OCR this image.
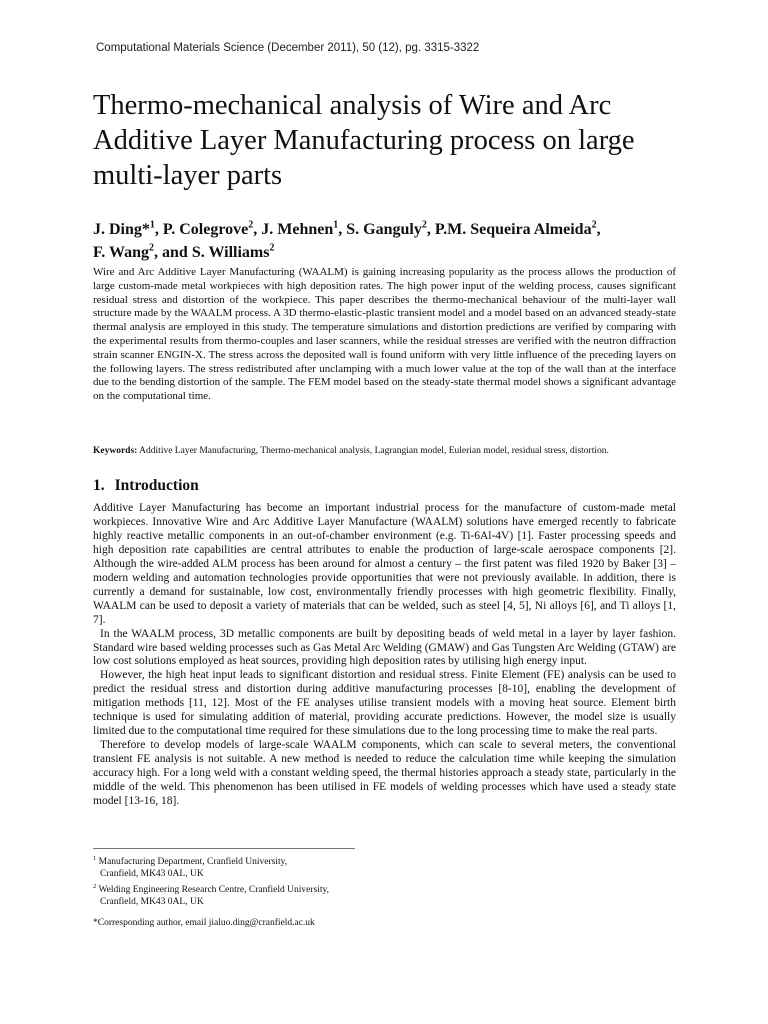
Computational Materials Science (December 2011), 50 (12), pg. 3315-3322
Thermo-mechanical analysis of Wire and Arc Additive Layer Manufacturing process on large multi-layer parts
J. Ding*$^1$, P. Colegrove$^2$, J. Mehnen$^1$, S. Ganguly$^2$, P.M. Sequeira Almeida$^2$,
F. Wang$^2$, and S. Williams$^2$

Wire and Arc Additive Layer Manufacturing (WAALM) is gaining increasing popularity as the process allows the production of large custom-made metal workpieces with high deposition rates. The high power input of the welding process, causes significant residual stress and distortion of the workpiece. This paper describes the thermo-mechanical behaviour of the multi-layer wall structure made by the WAALM process. A 3D thermo-elastic-plastic transient model and a model based on an advanced steady-state thermal analysis are employed in this study. The temperature simulations and distortion predictions are verified by comparing with the experimental results from thermo-couples and laser scanners, while the residual stresses are verified with the neutron diffraction strain scanner ENGIN-X. The stress across the deposited wall is found uniform with very little influence of the preceding layers on the following layers. The stress redistributed after unclamping with a much lower value at the top of the wall than at the interface due to the bending distortion of the sample. The FEM model based on the steady-state thermal model shows a significant advantage on the computational time.

Keywords: Additive Layer Manufacturing, Thermo-mechanical analysis, Lagrangian model, Eulerian model, residual stress, distortion.

1. Introduction

Additive Layer Manufacturing has become an important industrial process for the manufacture of custom-made metal workpieces. Innovative Wire and Arc Additive Layer Manufacture (WAALM) solutions have emerged recently to fabricate highly reactive metallic components in an out-of-chamber environment (e.g. Ti-6Al-4V) [1]. Faster processing speeds and high deposition rate capabilities are central attributes to enable the production of large-scale aerospace components [2]. Although the wire-added ALM process has been around for almost a century – the first patent was filed 1920 by Baker [3] – modern welding and automation technologies provide opportunities that were not previously available. In addition, there is currently a demand for sustainable, low cost, environmentally friendly processes with high geometric flexibility. Finally, WAALM can be used to deposit a variety of materials that can be welded, such as steel [4, 5], Ni alloys [6], and Ti alloys [1, 7].

In the WAALM process, 3D metallic components are built by depositing beads of weld metal in a layer by layer fashion. Standard wire based welding processes such as Gas Metal Arc Welding (GMAW) and Gas Tungsten Arc Welding (GTAW) are low cost solutions employed as heat sources, providing high deposition rates by utilising high energy input.

However, the high heat input leads to significant distortion and residual stress. Finite Element (FE) analysis can be used to predict the residual stress and distortion during additive manufacturing processes [8-10], enabling the development of mitigation methods [11, 12]. Most of the FE analyses utilise transient models with a moving heat source. Element birth technique is used for simulating addition of material, providing accurate predictions. However, the model size is usually limited due to the computational time required for these simulations due to the long processing time to make the real parts.

Therefore to develop models of large-scale WAALM components, which can scale to several meters, the conventional transient FE analysis is not suitable. A new method is needed to reduce the calculation time while keeping the simulation accuracy high. For a long weld with a constant welding speed, the thermal histories approach a steady state, particularly in the middle of the weld. This phenomenon has been utilised in FE models of welding processes which have used a steady state model [13-16, 18].

$^1$ Manufacturing Department, Cranfield University,

Cranfield, MK43 0AL, UK

$^2$ Welding Engineering Research Centre, Cranfield University,

Cranfield, MK43 0AL, UK

*Corresponding author, email jialuo.ding@cranfield.ac.uk
